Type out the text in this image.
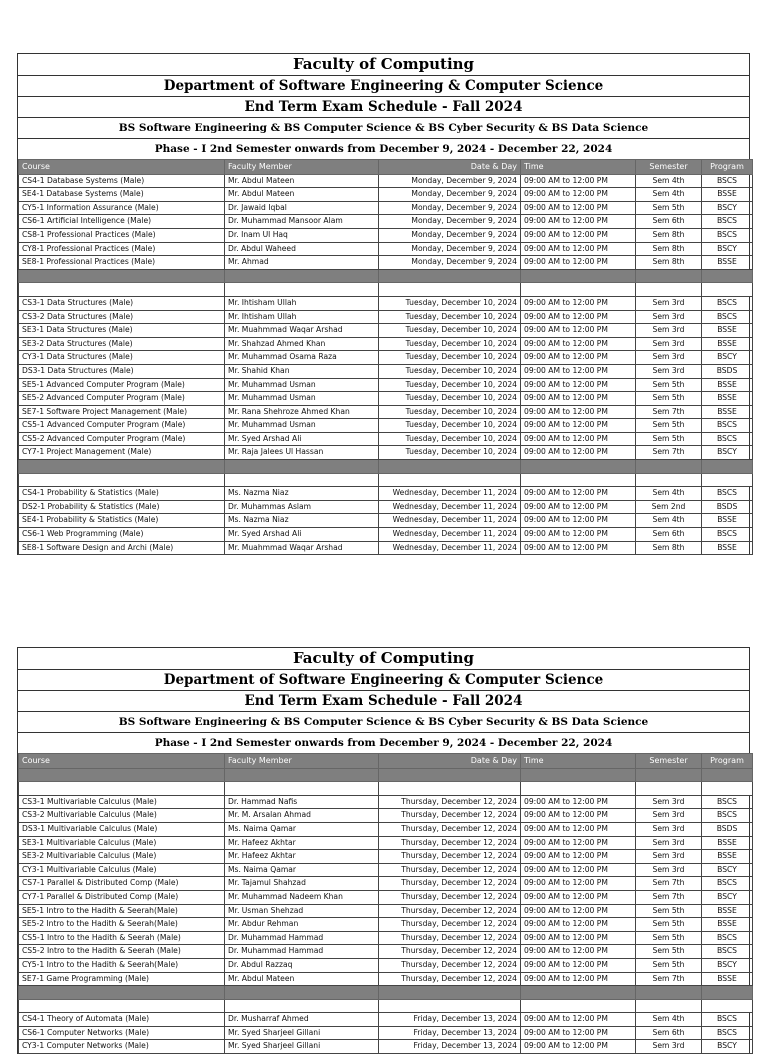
Faculty of Computing
Department of Software Engineering & Computer Science
End Term Exam Schedule - Fall 2024
BS Software Engineering & BS Computer Science & BS Cyber Security & BS Data Science
Phase - I 2nd Semester onwards from December 9, 2024 - December 22, 2024
Course	Faculty Member	Date & Day	Time	Semester	Program
CS4-1 Database Systems (Male)	Mr. Abdul Mateen	Monday, December 9, 2024	09:00 AM to 12:00 PM	Sem 4th	BSCS
SE4-1 Database Systems (Male)	Mr. Abdul Mateen	Monday, December 9, 2024	09:00 AM to 12:00 PM	Sem 4th	BSSE
CY5-1 Information Assurance (Male)	Dr. Jawaid Iqbal	Monday, December 9, 2024	09:00 AM to 12:00 PM	Sem 5th	BSCY
CS6-1 Artificial Intelligence (Male)	Dr. Muhammad Mansoor Alam	Monday, December 9, 2024	09:00 AM to 12:00 PM	Sem 6th	BSCS
CS8-1 Professional Practices (Male)	Dr. Inam Ul Haq	Monday, December 9, 2024	09:00 AM to 12:00 PM	Sem 8th	BSCS
CY8-1 Professional Practices (Male)	Dr. Abdul Waheed	Monday, December 9, 2024	09:00 AM to 12:00 PM	Sem 8th	BSCY
SE8-1 Professional Practices (Male)	Mr. Ahmad	Monday, December 9, 2024	09:00 AM to 12:00 PM	Sem 8th	BSSE

CS3-1 Data Structures (Male)	Mr. Ihtisham Ullah	Tuesday, December 10, 2024	09:00 AM to 12:00 PM	Sem 3rd	BSCS
CS3-2 Data Structures (Male)	Mr. Ihtisham Ullah	Tuesday, December 10, 2024	09:00 AM to 12:00 PM	Sem 3rd	BSCS
SE3-1 Data Structures (Male)	Mr. Muahmmad Waqar Arshad	Tuesday, December 10, 2024	09:00 AM to 12:00 PM	Sem 3rd	BSSE
SE3-2 Data Structures (Male)	Mr. Shahzad Ahmed Khan	Tuesday, December 10, 2024	09:00 AM to 12:00 PM	Sem 3rd	BSSE
CY3-1 Data Structures (Male)	Mr. Muhammad Osama Raza	Tuesday, December 10, 2024	09:00 AM to 12:00 PM	Sem 3rd	BSCY
DS3-1 Data Structures (Male)	Mr. Shahid Khan	Tuesday, December 10, 2024	09:00 AM to 12:00 PM	Sem 3rd	BSDS
SE5-1 Advanced Computer Program (Male)	Mr. Muhammad Usman	Tuesday, December 10, 2024	09:00 AM to 12:00 PM	Sem 5th	BSSE
SE5-2 Advanced Computer Program (Male)	Mr. Muhammad Usman	Tuesday, December 10, 2024	09:00 AM to 12:00 PM	Sem 5th	BSSE
SE7-1 Software Project Management (Male)	Mr. Rana Shehroze Ahmed Khan	Tuesday, December 10, 2024	09:00 AM to 12:00 PM	Sem 7th	BSSE
CS5-1 Advanced Computer Program (Male)	Mr. Muhammad Usman	Tuesday, December 10, 2024	09:00 AM to 12:00 PM	Sem 5th	BSCS
CS5-2 Advanced Computer Program (Male)	Mr. Syed Arshad Ali	Tuesday, December 10, 2024	09:00 AM to 12:00 PM	Sem 5th	BSCS
CY7-1 Project Management (Male)	Mr. Raja Jalees Ul Hassan	Tuesday, December 10, 2024	09:00 AM to 12:00 PM	Sem 7th	BSCY

CS4-1 Probability & Statistics (Male)	Ms. Nazma Niaz	Wednesday, December 11, 2024	09:00 AM to 12:00 PM	Sem 4th	BSCS
DS2-1 Probability & Statistics (Male)	Dr. Muhammas Aslam	Wednesday, December 11, 2024	09:00 AM to 12:00 PM	Sem 2nd	BSDS
SE4-1 Probability & Statistics (Male)	Ms. Nazma Niaz	Wednesday, December 11, 2024	09:00 AM to 12:00 PM	Sem 4th	BSSE
CS6-1 Web Programming (Male)	Mr. Syed Arshad Ali	Wednesday, December 11, 2024	09:00 AM to 12:00 PM	Sem 6th	BSCS
SE8-1 Software Design and Archi (Male)	Mr. Muahmmad Waqar Arshad	Wednesday, December 11, 2024	09:00 AM to 12:00 PM	Sem 8th	BSSE
Faculty of Computing
Department of Software Engineering & Computer Science
End Term Exam Schedule - Fall 2024
BS Software Engineering & BS Computer Science & BS Cyber Security & BS Data Science
Phase - I 2nd Semester onwards from December 9, 2024 - December 22, 2024
Course	Faculty Member	Date & Day	Time	Semester	Program

CS3-1 Multivariable Calculus (Male)	Dr. Hammad Nafis	Thursday, December 12, 2024	09:00 AM to 12:00 PM	Sem 3rd	BSCS
CS3-2 Multivariable Calculus (Male)	Mr. M. Arsalan Ahmad	Thursday, December 12, 2024	09:00 AM to 12:00 PM	Sem 3rd	BSCS
DS3-1 Multivariable Calculus (Male)	Ms. Naima Qamar	Thursday, December 12, 2024	09:00 AM to 12:00 PM	Sem 3rd	BSDS
SE3-1 Multivariable Calculus (Male)	Mr. Hafeez Akhtar	Thursday, December 12, 2024	09:00 AM to 12:00 PM	Sem 3rd	BSSE
SE3-2 Multivariable Calculus (Male)	Mr. Hafeez Akhtar	Thursday, December 12, 2024	09:00 AM to 12:00 PM	Sem 3rd	BSSE
CY3-1 Multivariable Calculus (Male)	Ms. Naima Qamar	Thursday, December 12, 2024	09:00 AM to 12:00 PM	Sem 3rd	BSCY
CS7-1 Parallel & Distributed Comp (Male)	Mr. Tajamul Shahzad	Thursday, December 12, 2024	09:00 AM to 12:00 PM	Sem 7th	BSCS
CY7-1 Parallel & Distributed Comp (Male)	Mr. Muhammad Nadeem Khan	Thursday, December 12, 2024	09:00 AM to 12:00 PM	Sem 7th	BSCY
SE5-1 Intro to the Hadith & Seerah(Male)	Mr. Usman Shehzad	Thursday, December 12, 2024	09:00 AM to 12:00 PM	Sem 5th	BSSE
SE5-2 Intro to the Hadith & Seerah(Male)	Mr. Abdur Rehman	Thursday, December 12, 2024	09:00 AM to 12:00 PM	Sem 5th	BSSE
CS5-1 Intro to the Hadith & Seerah (Male)	Dr. Muhammad Hammad	Thursday, December 12, 2024	09:00 AM to 12:00 PM	Sem 5th	BSCS
CS5-2 Intro to the Hadith & Seerah (Male)	Dr. Muhammad Hammad	Thursday, December 12, 2024	09:00 AM to 12:00 PM	Sem 5th	BSCS
CY5-1 Intro to the Hadith & Seerah(Male)	Dr. Abdul Razzaq	Thursday, December 12, 2024	09:00 AM to 12:00 PM	Sem 5th	BSCY
SE7-1 Game Programming (Male)	Mr. Abdul Mateen	Thursday, December 12, 2024	09:00 AM to 12:00 PM	Sem 7th	BSSE

CS4-1 Theory of Automata (Male)	Dr. Musharraf Ahmed	Friday, December 13, 2024	09:00 AM to 12:00 PM	Sem 4th	BSCS
CS6-1 Computer Networks (Male)	Mr. Syed Sharjeel Gillani	Friday, December 13, 2024	09:00 AM to 12:00 PM	Sem 6th	BSCS
CY3-1 Computer Networks (Male)	Mr. Syed Sharjeel Gillani	Friday, December 13, 2024	09:00 AM to 12:00 PM	Sem 3rd	BSCY
